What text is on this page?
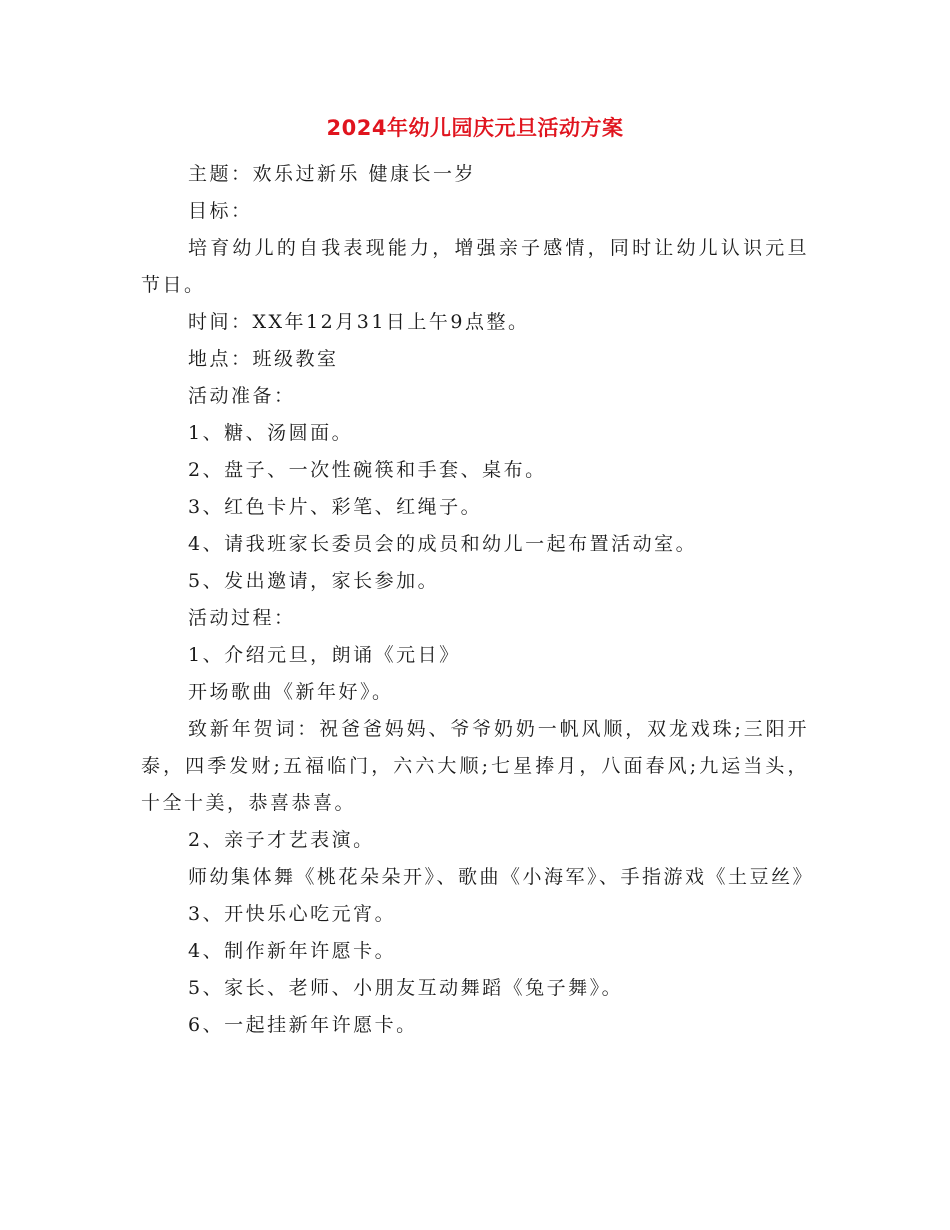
2024年幼儿园庆元旦活动方案

主题：欢乐过新乐 健康长一岁

目标：

培育幼儿的自我表现能力，增强亲子感情，同时让幼儿认识元旦节日。

时间：XX年12月31日上午9点整。

地点：班级教室

活动准备：

1、糖、汤圆面。

2、盘子、一次性碗筷和手套、桌布。

3、红色卡片、彩笔、红绳子。

4、请我班家长委员会的成员和幼儿一起布置活动室。

5、发出邀请，家长参加。

活动过程：

1、介绍元旦，朗诵《元日》

开场歌曲《新年好》。

致新年贺词：祝爸爸妈妈、爷爷奶奶一帆风顺，双龙戏珠;三阳开泰，四季发财;五福临门，六六大顺;七星捧月，八面春风;九运当头，十全十美，恭喜恭喜。

2、亲子才艺表演。

师幼集体舞《桃花朵朵开》、歌曲《小海军》、手指游戏《土豆丝》

3、开快乐心吃元宵。

4、制作新年许愿卡。

5、家长、老师、小朋友互动舞蹈《兔子舞》。

6、一起挂新年许愿卡。
